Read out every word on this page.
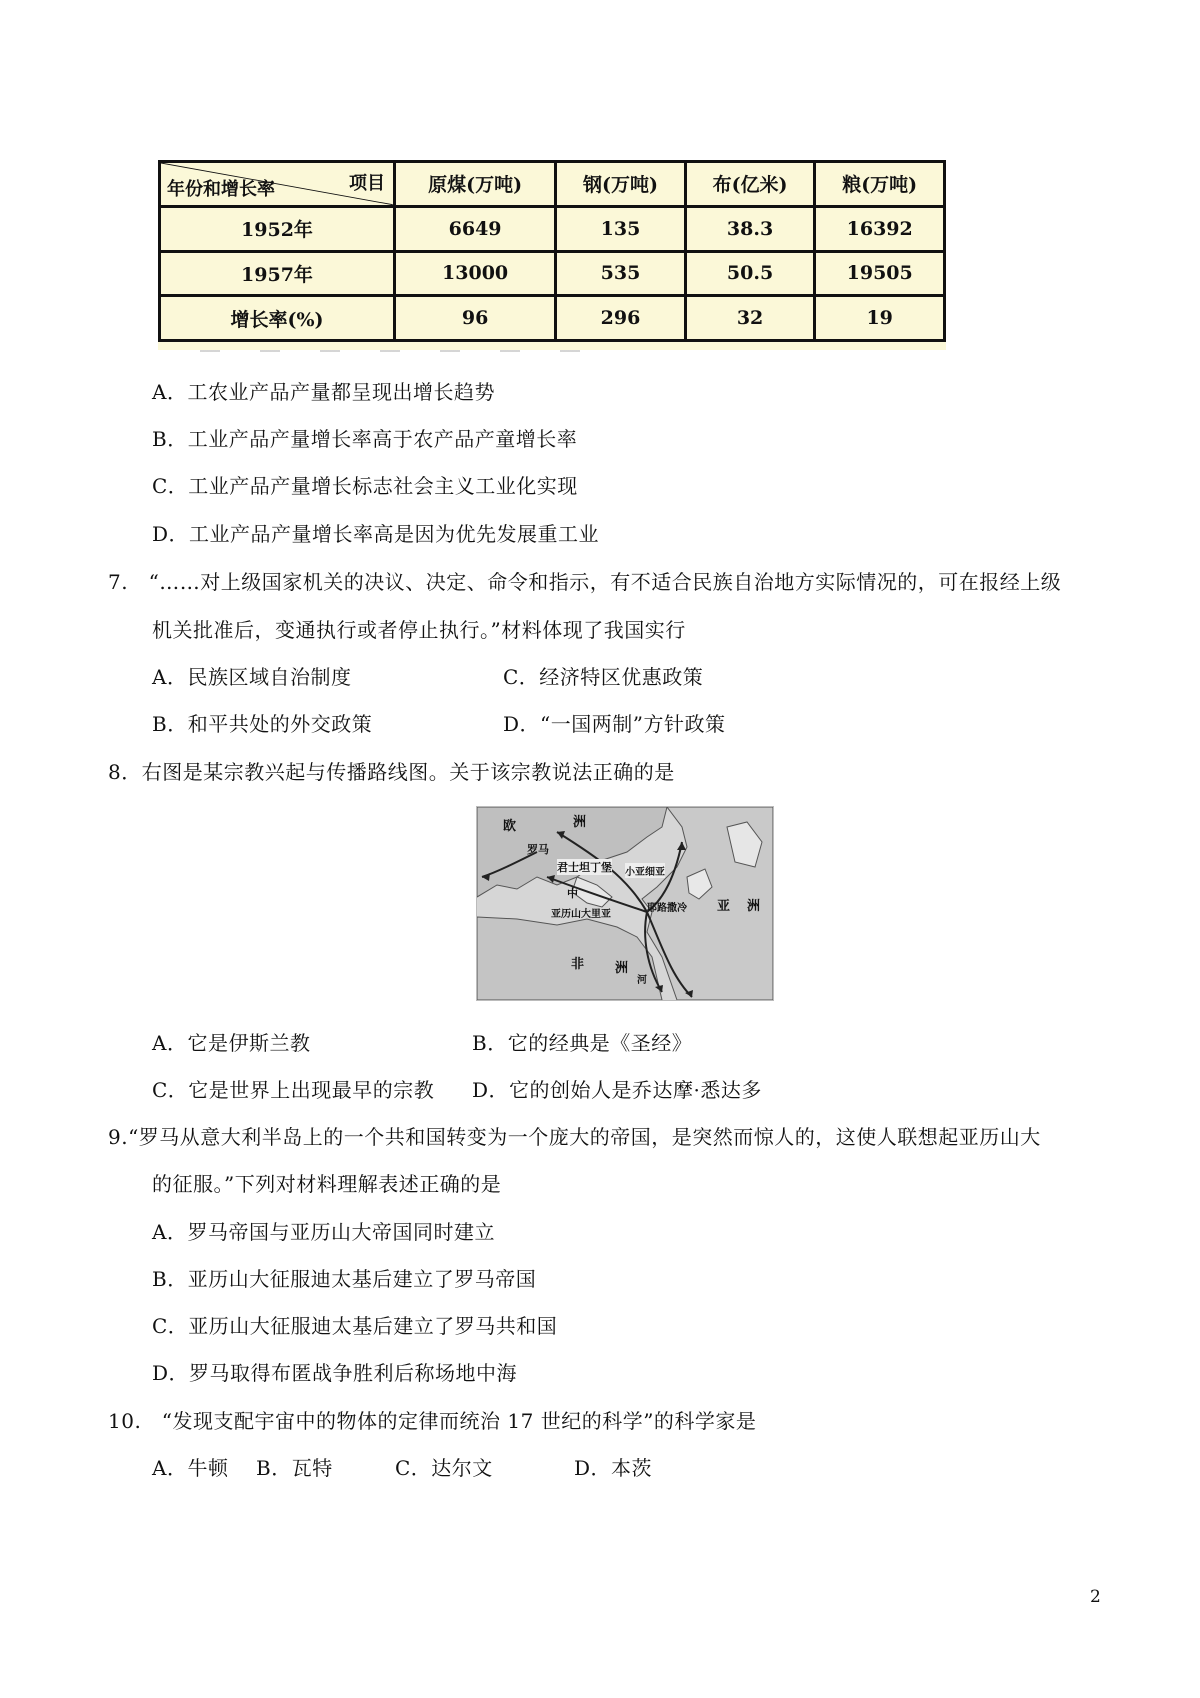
项目
年份和增长率	原煤(万吨)	钢(万吨)	布(亿米)	粮(万吨)
1952年	6649	135	38.3	16392
1957年	13000	535	50.5	19505
增长率(%)	96	296	32	19
A．工农业产品产量都呈现出增长趋势
B．工业产品产量增长率高于农产品产童增长率
C．工业产品产量增长标志社会主义工业化实现
D．工业产品产量增长率高是因为优先发展重工业
7.　“……对上级国家机关的决议、决定、命令和指示，有不适合民族自治地方实际情况的，可在报经上级
机关批准后，变通执行或者停止执行。”材料体现了我国实行
A．民族区域自治制度	C．经济特区优惠政策
B．和平共处的外交政策	D．“一国两制”方针政策
8．右图是某宗教兴起与传播路线图。关于该宗教说法正确的是
欧	洲
罗马
君士坦丁堡 小亚细亚
中
亚历山大里亚
耶路撒冷 亚 洲
非 洲
河
A．它是伊斯兰教	B．它的经典是《圣经》
C．它是世界上出现最早的宗教 D．它的创始人是乔达摩·悉达多
9.“罗马从意大利半岛上的一个共和国转变为一个庞大的帝国，是突然而惊人的，这使人联想起亚历山大
的征服。”下列对材料理解表述正确的是
A．罗马帝国与亚历山大帝国同时建立
B．亚历山大征服迪太基后建立了罗马帝国
C．亚历山大征服迪太基后建立了罗马共和国
D．罗马取得布匿战争胜利后称场地中海
10.　“发现支配宇宙中的物体的定律而统治 17 世纪的科学”的科学家是
A．牛顿 B．瓦特	C．达尔文	D．本茨
2
